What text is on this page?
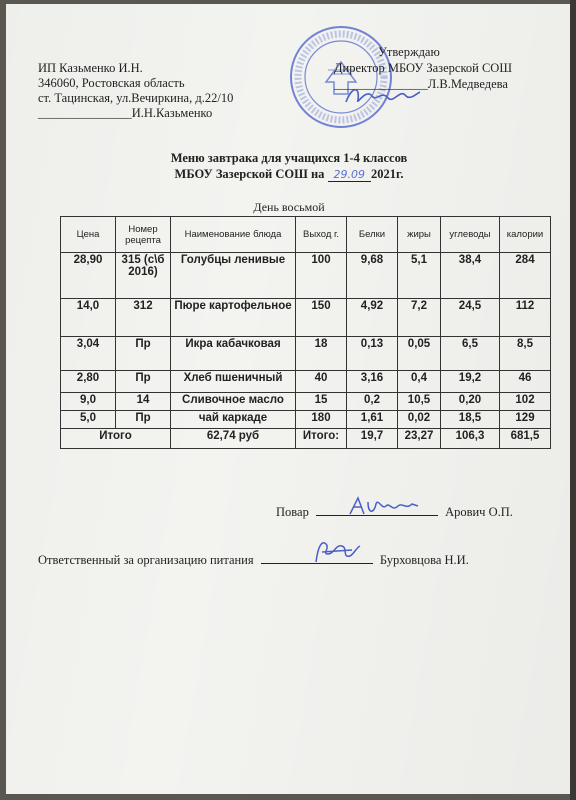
ИП Казьменко И.Н.
346060, Ростовская область
ст. Тацинская, ул.Вечиркина, д.22/10
_______________И.Н.Казьменко
Утверждаю
Директор МБОУ Зазерской СОШ
_______________Л.В.Медведева
Меню завтрака для учащихся 1-4 классов
МБОУ Зазерской СОШ на 29.09 2021г.
День восьмой
Цена	Номер рецепта	Наименование блюда	Выход г.	Белки	жиры	углеводы	калории
28,90	315 (с\б 2016)	Голубцы ленивые	100	9,68	5,1	38,4	284
14,0	312	Пюре картофельное	150	4,92	7,2	24,5	112
3,04	Пр	Икра кабачковая	18	0,13	0,05	6,5	8,5
2,80	Пр	Хлеб пшеничный	40	3,16	0,4	19,2	46
9,0	14	Сливочное масло	15	0,2	10,5	0,20	102
5,0	Пр	чай каркаде	180	1,61	0,02	18,5	129
Итого		62,74 руб	Итого:	19,7	23,27	106,3	681,5
Повар	Арович О.П.
Ответственный за организацию питания	Бурховцова Н.И.
